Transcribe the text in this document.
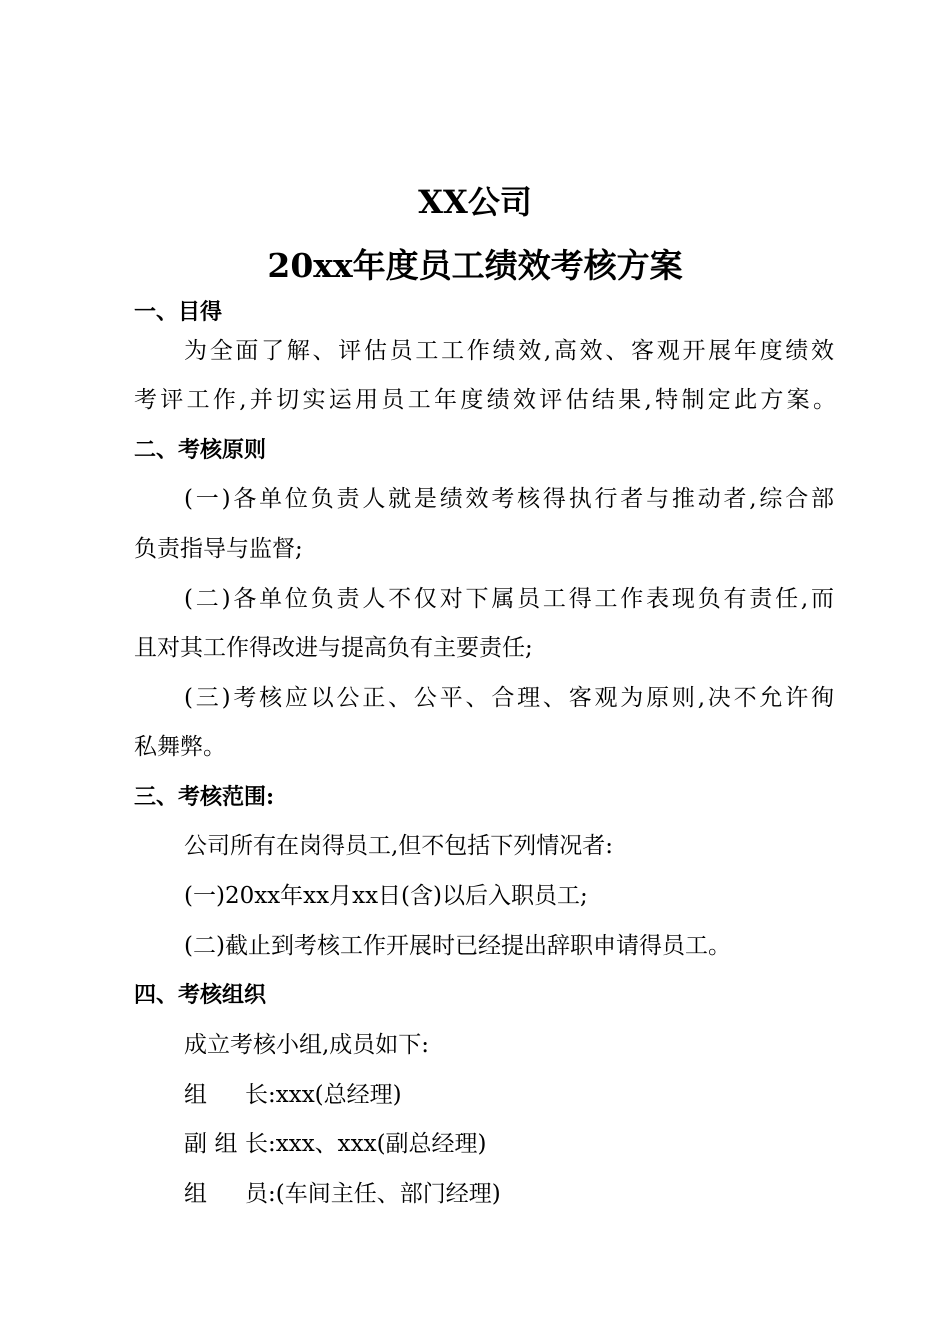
XX公司
20xx年度员工绩效考核方案
一、目得
为全面了解、评估员工工作绩效,高效、客观开展年度绩效
考评工作,并切实运用员工年度绩效评估结果,特制定此方案。
二、考核原则
(一)各单位负责人就是绩效考核得执行者与推动者,综合部
负责指导与监督;
(二)各单位负责人不仅对下属员工得工作表现负有责任,而
且对其工作得改进与提高负有主要责任;
(三)考核应以公正、公平、合理、客观为原则,决不允许徇
私舞弊。
三、考核范围:
公司所有在岗得员工,但不包括下列情况者:
(一)20xx年xx月xx日(含)以后入职员工;
(二)截止到考核工作开展时已经提出辞职申请得员工。
四、考核组织
成立考核小组,成员如下:
组长:xxx(总经理)
副组长:xxx、xxx(副总经理)
组员:(车间主任、部门经理)
